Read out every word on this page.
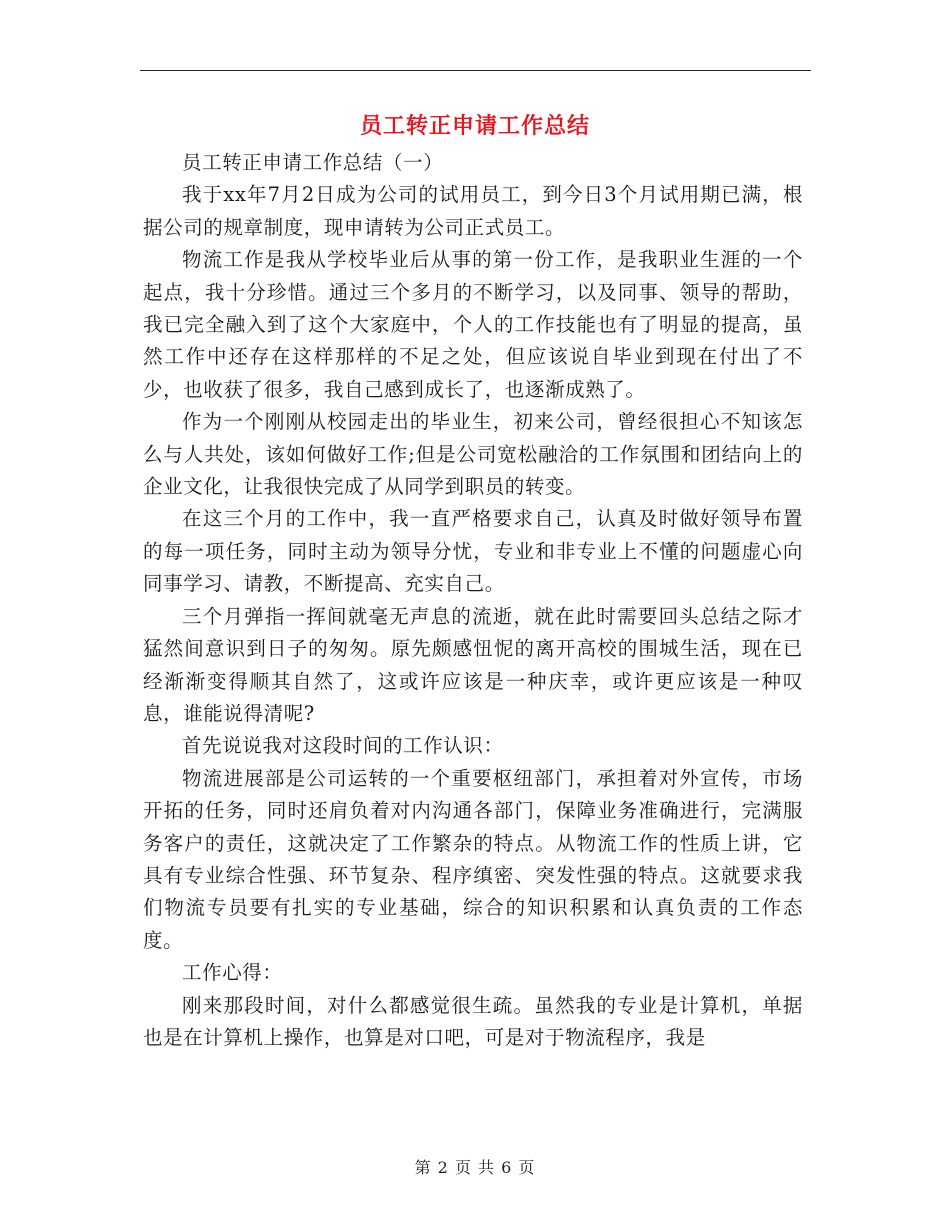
员工转正申请工作总结

员工转正申请工作总结（一）

我于xx年7月2日成为公司的试用员工，到今日3个月试用期已满，根据公司的规章制度，现申请转为公司正式员工。

物流工作是我从学校毕业后从事的第一份工作，是我职业生涯的一个起点，我十分珍惜。通过三个多月的不断学习，以及同事、领导的帮助，我已完全融入到了这个大家庭中，个人的工作技能也有了明显的提高，虽然工作中还存在这样那样的不足之处，但应该说自毕业到现在付出了不少，也收获了很多，我自己感到成长了，也逐渐成熟了。

作为一个刚刚从校园走出的毕业生，初来公司，曾经很担心不知该怎么与人共处，该如何做好工作;但是公司宽松融洽的工作氛围和团结向上的企业文化，让我很快完成了从同学到职员的转变。

在这三个月的工作中，我一直严格要求自己，认真及时做好领导布置的每一项任务，同时主动为领导分忧，专业和非专业上不懂的问题虚心向同事学习、请教，不断提高、充实自己。

三个月弹指一挥间就毫无声息的流逝，就在此时需要回头总结之际才猛然间意识到日子的匆匆。原先颇感忸怩的离开高校的围城生活，现在已经渐渐变得顺其自然了，这或许应该是一种庆幸，或许更应该是一种叹息，谁能说得清呢?

首先说说我对这段时间的工作认识：

物流进展部是公司运转的一个重要枢纽部门，承担着对外宣传，市场开拓的任务，同时还肩负着对内沟通各部门，保障业务准确进行，完满服务客户的责任，这就决定了工作繁杂的特点。从物流工作的性质上讲，它具有专业综合性强、环节复杂、程序缜密、突发性强的特点。这就要求我们物流专员要有扎实的专业基础，综合的知识积累和认真负责的工作态度。

工作心得：

刚来那段时间，对什么都感觉很生疏。虽然我的专业是计算机，单据也是在计算机上操作，也算是对口吧，可是对于物流程序，我是

第 2 页 共 6 页
